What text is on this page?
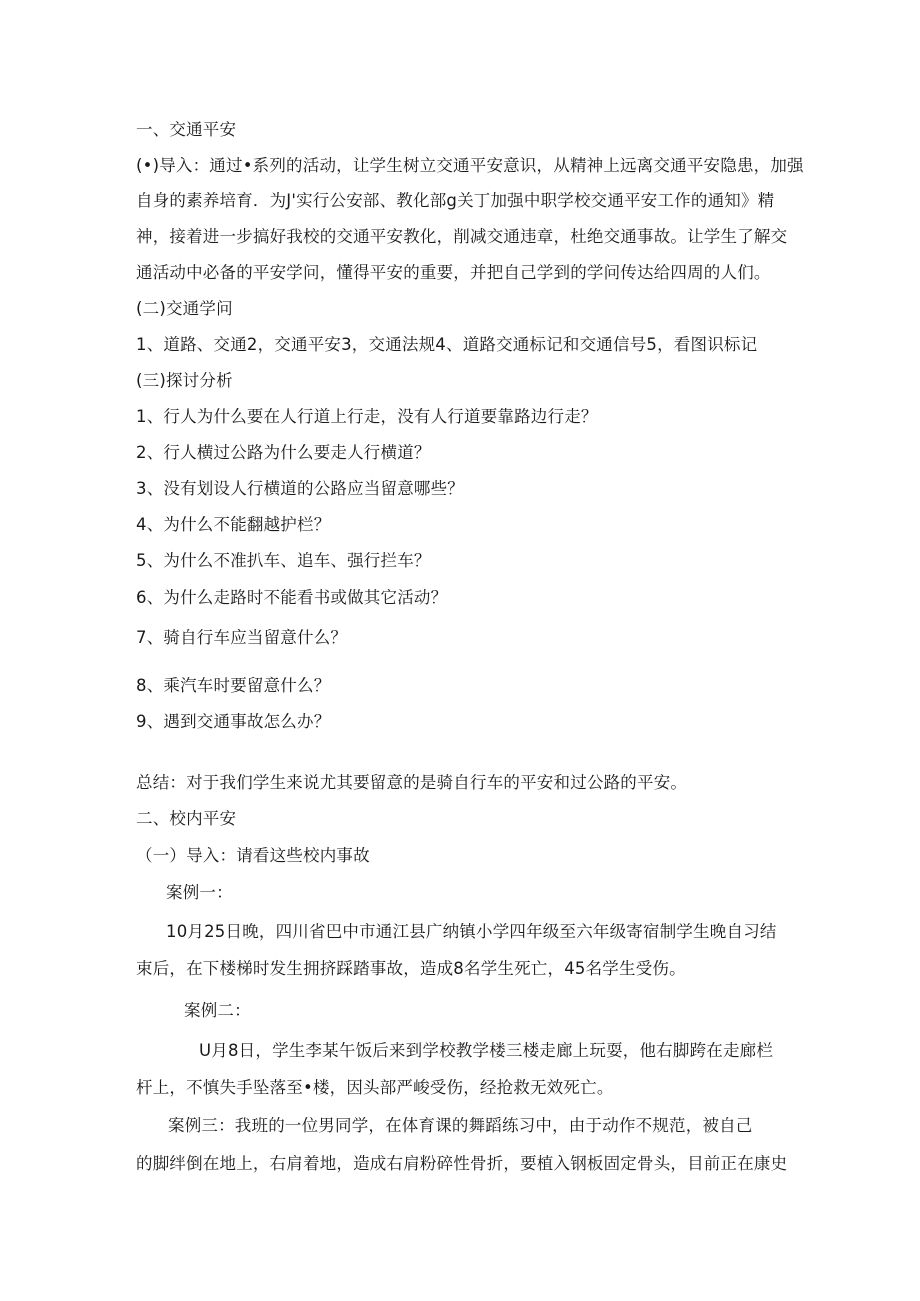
一、交通平安
(•)导入：通过•系列的活动，让学生树立交通平安意识，从精神上远离交通平安隐患，加强
自身的素养培育．为J'实行公安部、教化部g关丁加强中职学校交通平安工作的通知》精
神，接着进一步搞好我校的交通平安教化，削减交通违章，杜绝交通事故。让学生了解交
通活动中必备的平安学问，懂得平安的重要，并把自己学到的学问传达给四周的人们。
(二)交通学问
1、道路、交通2，交通平安3，交通法规4、道路交通标记和交通信号5，看图识标记
(三)探讨分析
1、行人为什么要在人行道上行走，没有人行道要靠路边行走？
2、行人横过公路为什么要走人行横道？
3、没有划设人行横道的公路应当留意哪些？
4、为什么不能翻越护栏？
5、为什么不准扒车、追车、强行拦车？
6、为什么走路时不能看书或做其它活动？
7、骑自行车应当留意什么？
8、乘汽车时要留意什么？
9、遇到交通事故怎么办？
总结：对于我们学生来说尤其要留意的是骑自行车的平安和过公路的平安。
二、校内平安
（一）导入：请看这些校内事故
案例一：
10月25日晚，四川省巴中市通江县广纳镇小学四年级至六年级寄宿制学生晚自习结
束后，在下楼梯时发生拥挤踩踏事故，造成8名学生死亡，45名学生受伤。
案例二：
U月8日，学生李某午饭后来到学校教学楼三楼走廊上玩耍，他右脚跨在走廊栏
杆上，不慎失手坠落至•楼，因头部严峻受伤，经抢救无效死亡。
案例三：我班的一位男同学，在体育课的舞蹈练习中，由于动作不规范，被自己
的脚绊倒在地上，右肩着地，造成右肩粉碎性骨折，要植入钢板固定骨头，目前正在康史
